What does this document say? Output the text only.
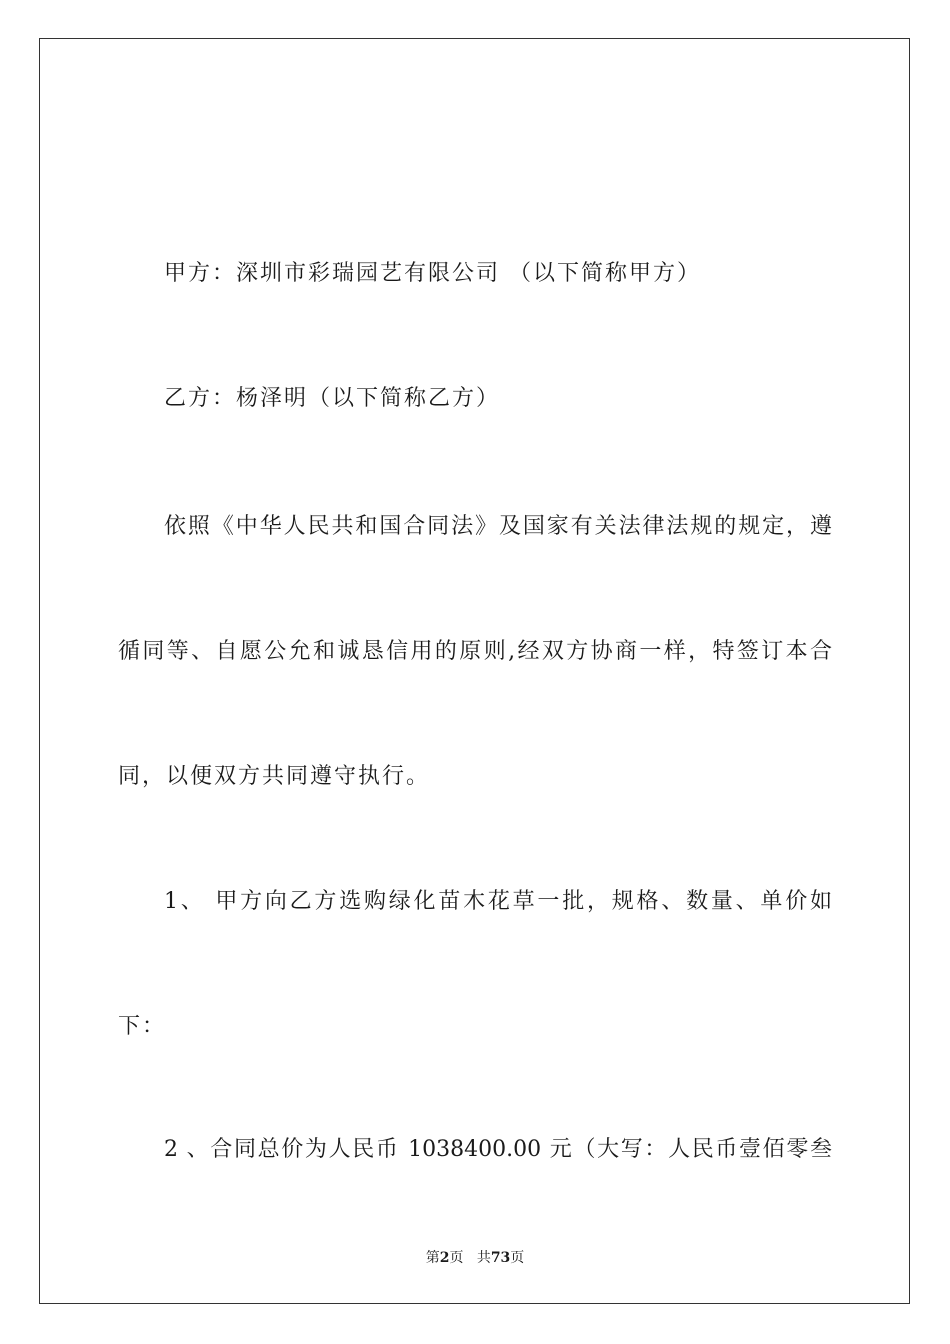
甲方：深圳市彩瑞园艺有限公司 （以下简称甲方）
乙方：杨泽明（以下简称乙方）
依照《中华人民共和国合同法》及国家有关法律法规的规定，遵
循同等、自愿公允和诚恳信用的原则,经双方协商一样，特签订本合
同，以便双方共同遵守执行。
1、 甲方向乙方选购绿化苗木花草一批，规格、数量、单价如
下：
2 、合同总价为人民币 1038400.00 元（大写：人民币壹佰零叁
第2页 共73页
